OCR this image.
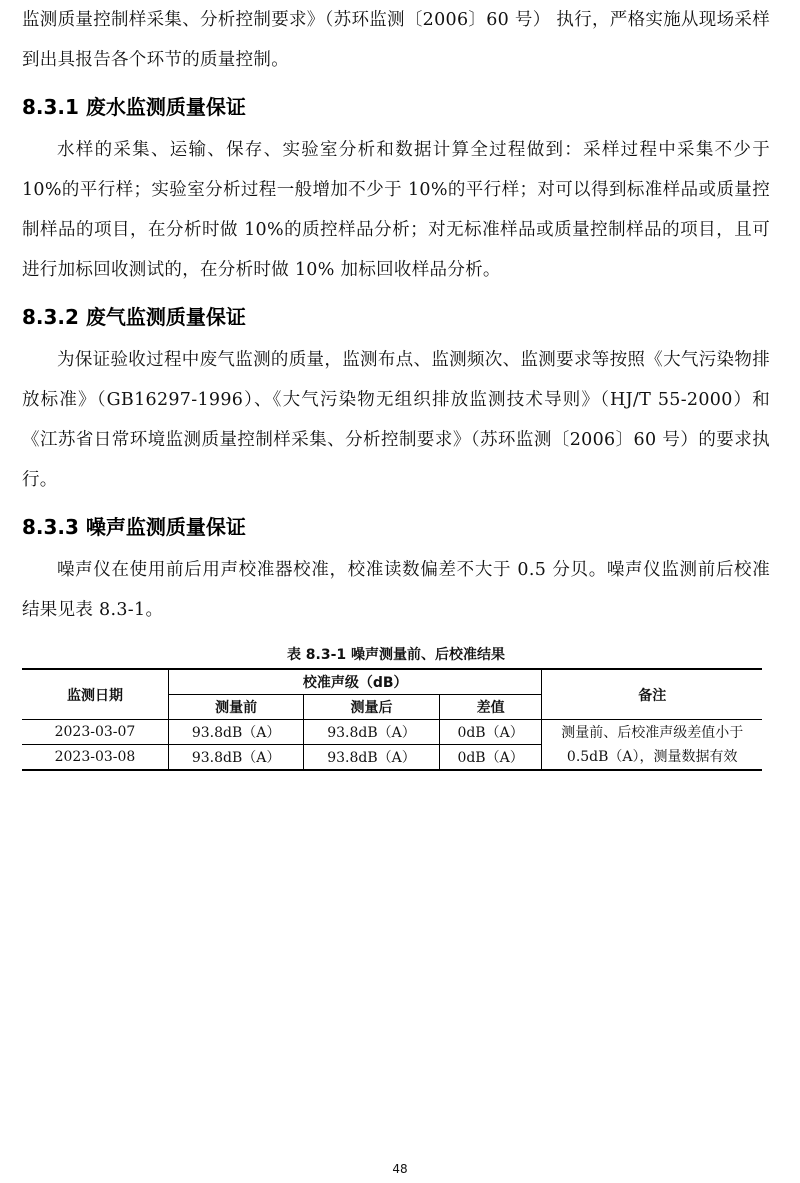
监测质量控制样采集、分析控制要求》（苏环监测〔2006〕60 号） 执行，严格实施从现场采样到出具报告各个环节的质量控制。

8.3.1 废水监测质量保证

水样的采集、运输、保存、实验室分析和数据计算全过程做到：采样过程中采集不少于 10%的平行样；实验室分析过程一般增加不少于 10%的平行样；对可以得到标准样品或质量控制样品的项目，在分析时做 10%的质控样品分析；对无标准样品或质量控制样品的项目，且可进行加标回收测试的，在分析时做 10% 加标回收样品分析。

8.3.2 废气监测质量保证

为保证验收过程中废气监测的质量，监测布点、监测频次、监测要求等按照《大气污染物排放标准》（GB16297-1996）、《大气污染物无组织排放监测技术导则》（HJ/T 55-2000）和《江苏省日常环境监测质量控制样采集、分析控制要求》（苏环监测〔2006〕60 号）的要求执行。

8.3.3 噪声监测质量保证

噪声仪在使用前后用声校准器校准，校准读数偏差不大于 0.5 分贝。噪声仪监测前后校准结果见表 8.3-1。

表 8.3-1 噪声测量前、后校准结果
监测日期	校准声级（dB）			备注
	测量前	测量后	差值	
2023-03-07	93.8dB（A）	93.8dB（A）	0dB（A）	测量前、后校准声级差值小于0.5dB（A），测量数据有效
2023-03-08	93.8dB（A）	93.8dB（A）	0dB（A）	
48
